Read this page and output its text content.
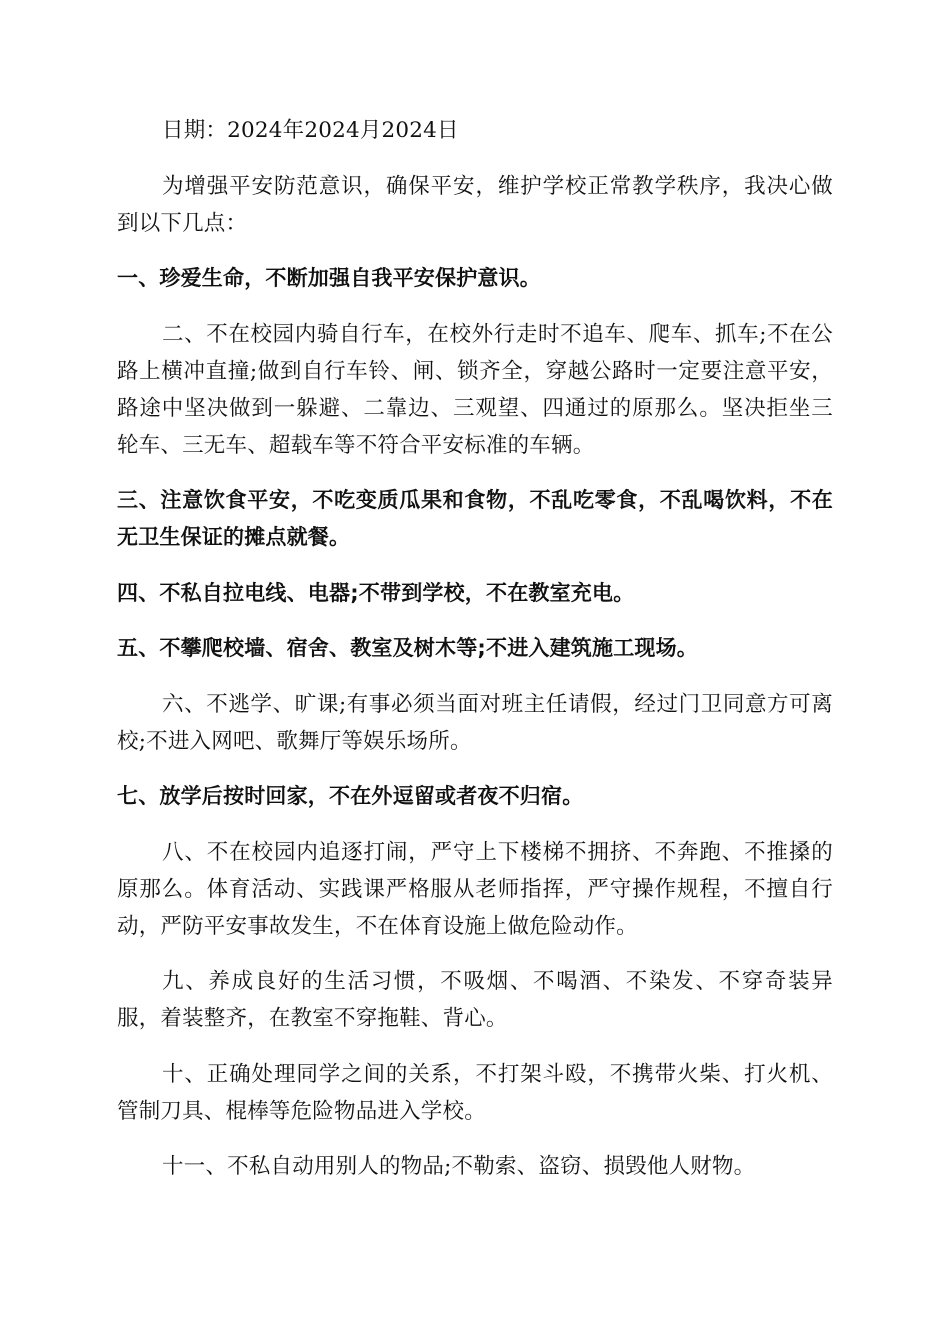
日期：2024年2024月2024日

为增强平安防范意识，确保平安，维护学校正常教学秩序，我决心做到以下几点：

一、珍爱生命，不断加强自我平安保护意识。

二、不在校园内骑自行车，在校外行走时不追车、爬车、抓车;不在公路上横冲直撞;做到自行车铃、闸、锁齐全，穿越公路时一定要注意平安，路途中坚决做到一躲避、二靠边、三观望、四通过的原那么。坚决拒坐三轮车、三无车、超载车等不符合平安标准的车辆。

三、注意饮食平安，不吃变质瓜果和食物，不乱吃零食，不乱喝饮料，不在无卫生保证的摊点就餐。

四、不私自拉电线、电器;不带到学校，不在教室充电。

五、不攀爬校墙、宿舍、教室及树木等;不进入建筑施工现场。

六、不逃学、旷课;有事必须当面对班主任请假，经过门卫同意方可离校;不进入网吧、歌舞厅等娱乐场所。

七、放学后按时回家，不在外逗留或者夜不归宿。

八、不在校园内追逐打闹，严守上下楼梯不拥挤、不奔跑、不推搡的原那么。体育活动、实践课严格服从老师指挥，严守操作规程，不擅自行动，严防平安事故发生，不在体育设施上做危险动作。

九、养成良好的生活习惯，不吸烟、不喝酒、不染发、不穿奇装异服，着装整齐，在教室不穿拖鞋、背心。

十、正确处理同学之间的关系，不打架斗殴，不携带火柴、打火机、管制刀具、棍棒等危险物品进入学校。

十一、不私自动用别人的物品;不勒索、盗窃、损毁他人财物。
